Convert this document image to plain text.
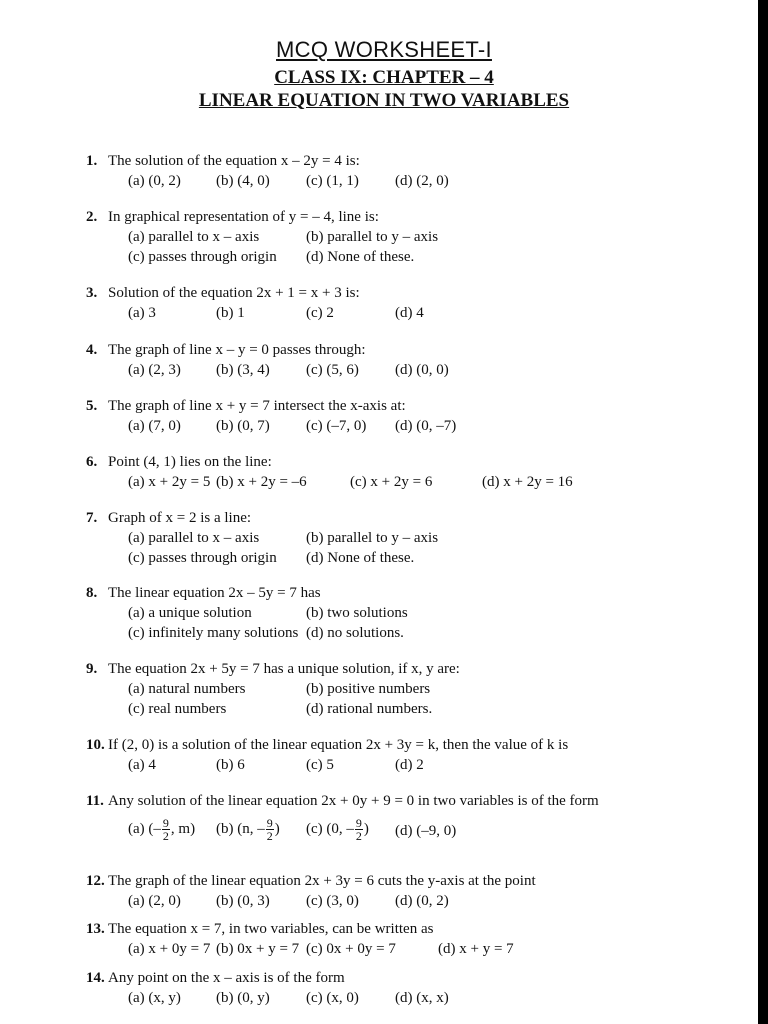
MCQ WORKSHEET-I
CLASS IX: CHAPTER – 4
LINEAR EQUATION IN TWO VARIABLES
1. The solution of the equation x – 2y = 4 is:
(a) (0, 2) (b) (4, 0) (c) (1, 1) (d) (2, 0)
2. In graphical representation of y = – 4, line is:
(a) parallel to x – axis	(b) parallel to y – axis
(c) passes through origin (d) None of these.
3. Solution of the equation 2x + 1 = x + 3 is:
(a) 3	(b) 1	(c) 2	(d) 4
4. The graph of line x – y = 0 passes through:
(a) (2, 3) (b) (3, 4) (c) (5, 6) (d) (0, 0)
5. The graph of line x + y = 7 intersect the x-axis at:
(a) (7, 0) (b) (0, 7) (c) (–7, 0) (d) (0, –7)
6. Point (4, 1) lies on the line:
(a) x + 2y = 5 (b) x + 2y = –6	(c) x + 2y = 6	(d) x + 2y = 16
7. Graph of x = 2 is a line:
(a) parallel to x – axis	(b) parallel to y – axis
(c) passes through origin (d) None of these.
8. The linear equation 2x – 5y = 7 has
(a) a unique solution	(b) two solutions
(c) infinitely many solutions (d) no solutions.
9. The equation 2x + 5y = 7 has a unique solution, if x, y are:
(a) natural numbers	(b) positive numbers
(c) real numbers	(d) rational numbers.
10. If (2, 0) is a solution of the linear equation 2x + 3y = k, then the value of k is
(a) 4	(b) 6	(c) 5	(d) 2
11. Any solution of the linear equation 2x + 0y + 9 = 0 in two variables is of the form
(a) (– $\frac{9}{2}$ , m) (b) (n, – $\frac{9}{2}$ ) (c) (0, – $\frac{9}{2}$ ) (d) (–9, 0)
12. The graph of the linear equation 2x + 3y = 6 cuts the y-axis at the point
(a) (2, 0) (b) (0, 3) (c) (3, 0) (d) (0, 2)
13. The equation x = 7, in two variables, can be written as
(a) x + 0y = 7 (b) 0x + y = 7 (c) 0x + 0y = 7	(d) x + y = 7
14. Any point on the x – axis is of the form
(a) (x, y) (b) (0, y) (c) (x, 0) (d) (x, x)
